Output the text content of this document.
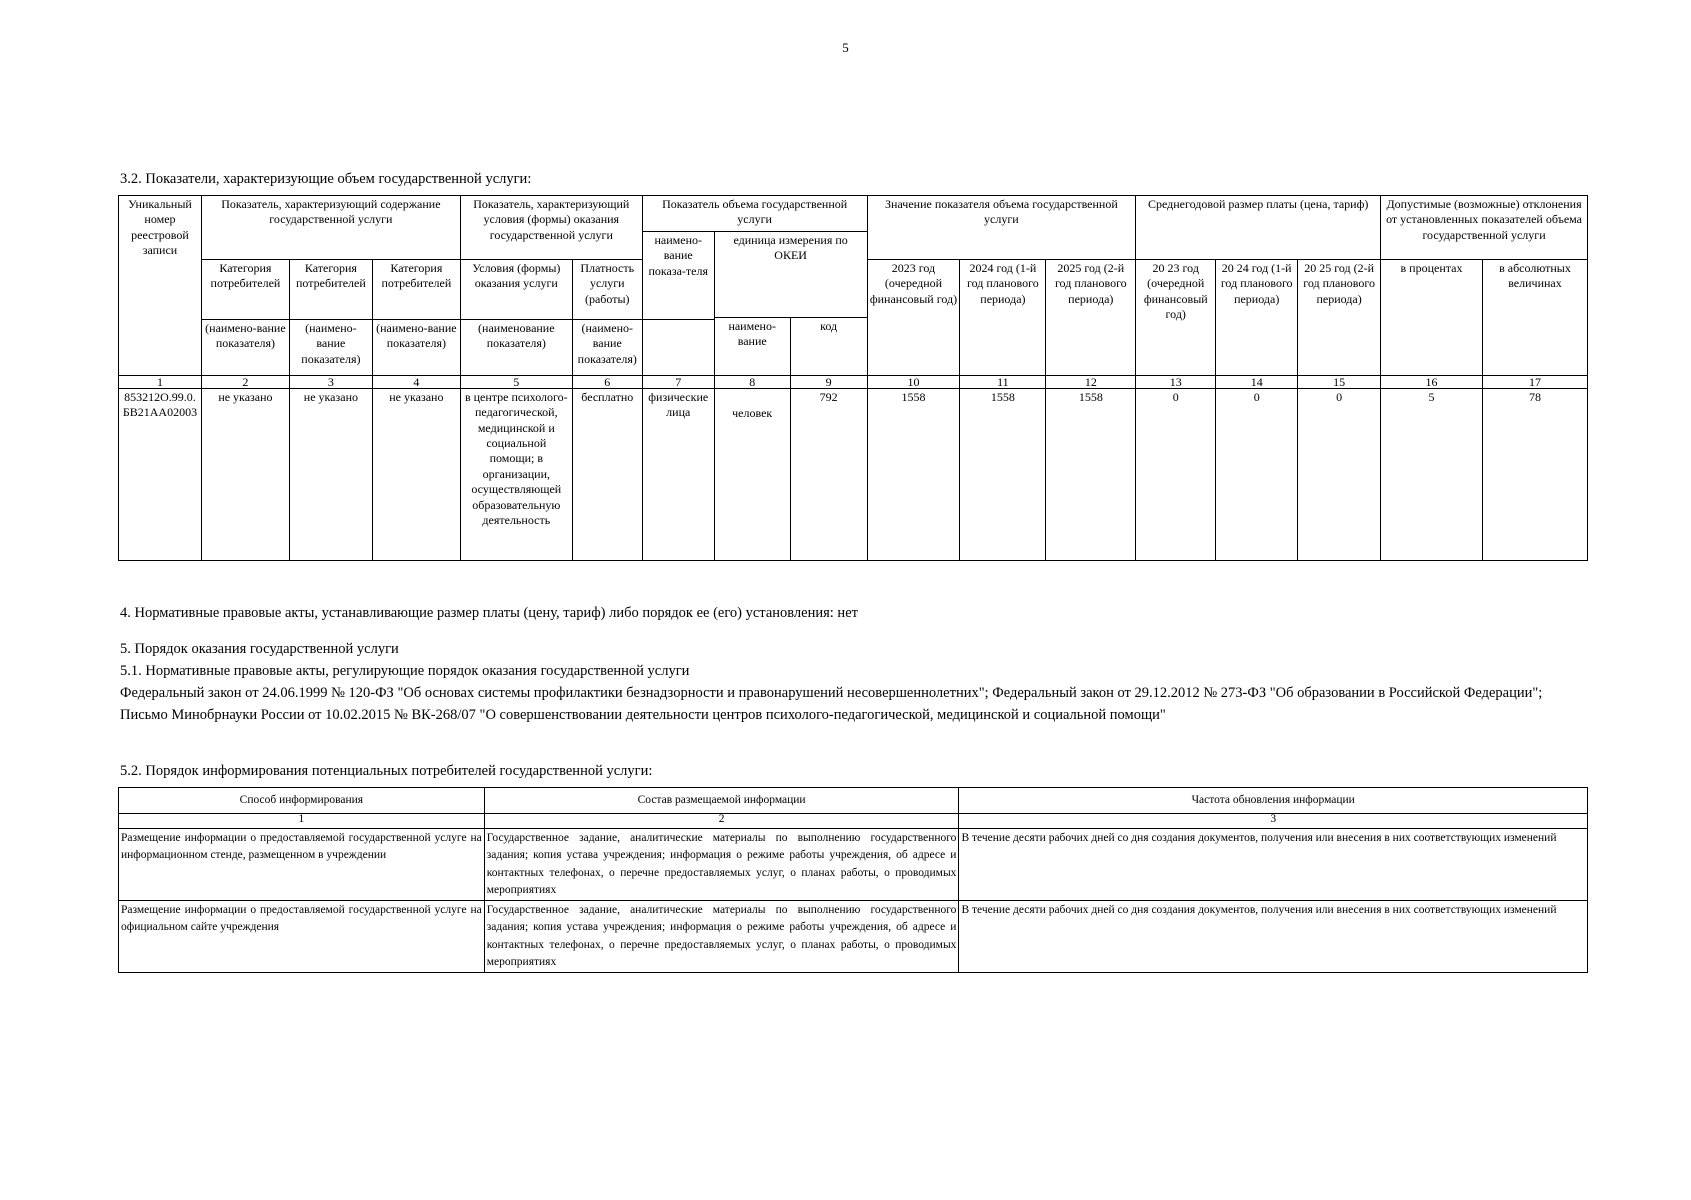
5
3.2. Показатели, характеризующие объем государственной услуги:
Уникальный номер реестровой записи	Показатель, характеризующий содержание государственной услуги			Показатель, характеризующий условия (формы) оказания государственной услуги		Показатель объема государственной услуги			Значение показателя объема государственной услуги			Среднегодовой размер платы (цена, тариф)			Допустимые (возможные) отклонения от установленных показателей объема государственной услуги	
						наимено-вание показа-теля	единица измерения по ОКЕИ									
	Категория потребителей	Категория потребителей	Категория потребителей	Условия (формы) оказания услуги	Платность услуги (работы)				2023 год (очередной финансовый год)	2024 год (1-й год планового периода)	2025 год (2-й год планового периода)	20 23 год (очередной финансовый год)	20 24 год (1-й год планового периода)	20 25 год (2-й год планового периода)	в процентах	в абсолютных величинах
							наимено-вание	код								
	(наимено-вание показателя)	(наимено-вание показателя)	(наимено-вание показателя)	(наименование показателя)	(наимено-вание показателя)											
1	2	3	4	5	6	7	8	9	10	11	12	13	14	15	16	17
853212О.99.0.БВ21АА02003	не указано	не указано	не указано	в центре психолого-педагогической, медицинской и социальной помощи; в организации, осуществляющей образовательную деятельность	бесплатно	физические лица	человек	792	1558	1558	1558	0	0	0	5	78
4. Нормативные правовые акты, устанавливающие размер платы (цену, тариф) либо порядок ее (его) установления: нет
5. Порядок оказания государственной услуги
5.1. Нормативные правовые акты, регулирующие порядок оказания государственной услуги
Федеральный закон от 24.06.1999 № 120-ФЗ "Об основах системы профилактики безнадзорности и правонарушений несовершеннолетних"; Федеральный закон от 29.12.2012 № 273-ФЗ "Об образовании в Российской Федерации"; Письмо Минобрнауки России от 10.02.2015 № ВК-268/07 "О совершенствовании деятельности центров психолого-педагогической, медицинской и социальной помощи"
5.2. Порядок информирования потенциальных потребителей государственной услуги:
Способ информирования	Состав размещаемой информации	Частота обновления информации
1	2	3
Размещение информации о предоставляемой государственной услуге на информационном стенде, размещенном в учреждении	Государственное задание, аналитические материалы по выполнению государственного задания; копия устава учреждения; информация о режиме работы учреждения, об адресе и контактных телефонах, о перечне предоставляемых услуг, о планах работы, о проводимых мероприятиях	В течение десяти рабочих дней со дня создания документов, получения или внесения в них соответствующих изменений
Размещение информации о предоставляемой государственной услуге на официальном сайте учреждения	Государственное задание, аналитические материалы по выполнению государственного задания; копия устава учреждения; информация о режиме работы учреждения, об адресе и контактных телефонах, о перечне предоставляемых услуг, о планах работы, о проводимых мероприятиях	В течение десяти рабочих дней со дня создания документов, получения или внесения в них соответствующих изменений
